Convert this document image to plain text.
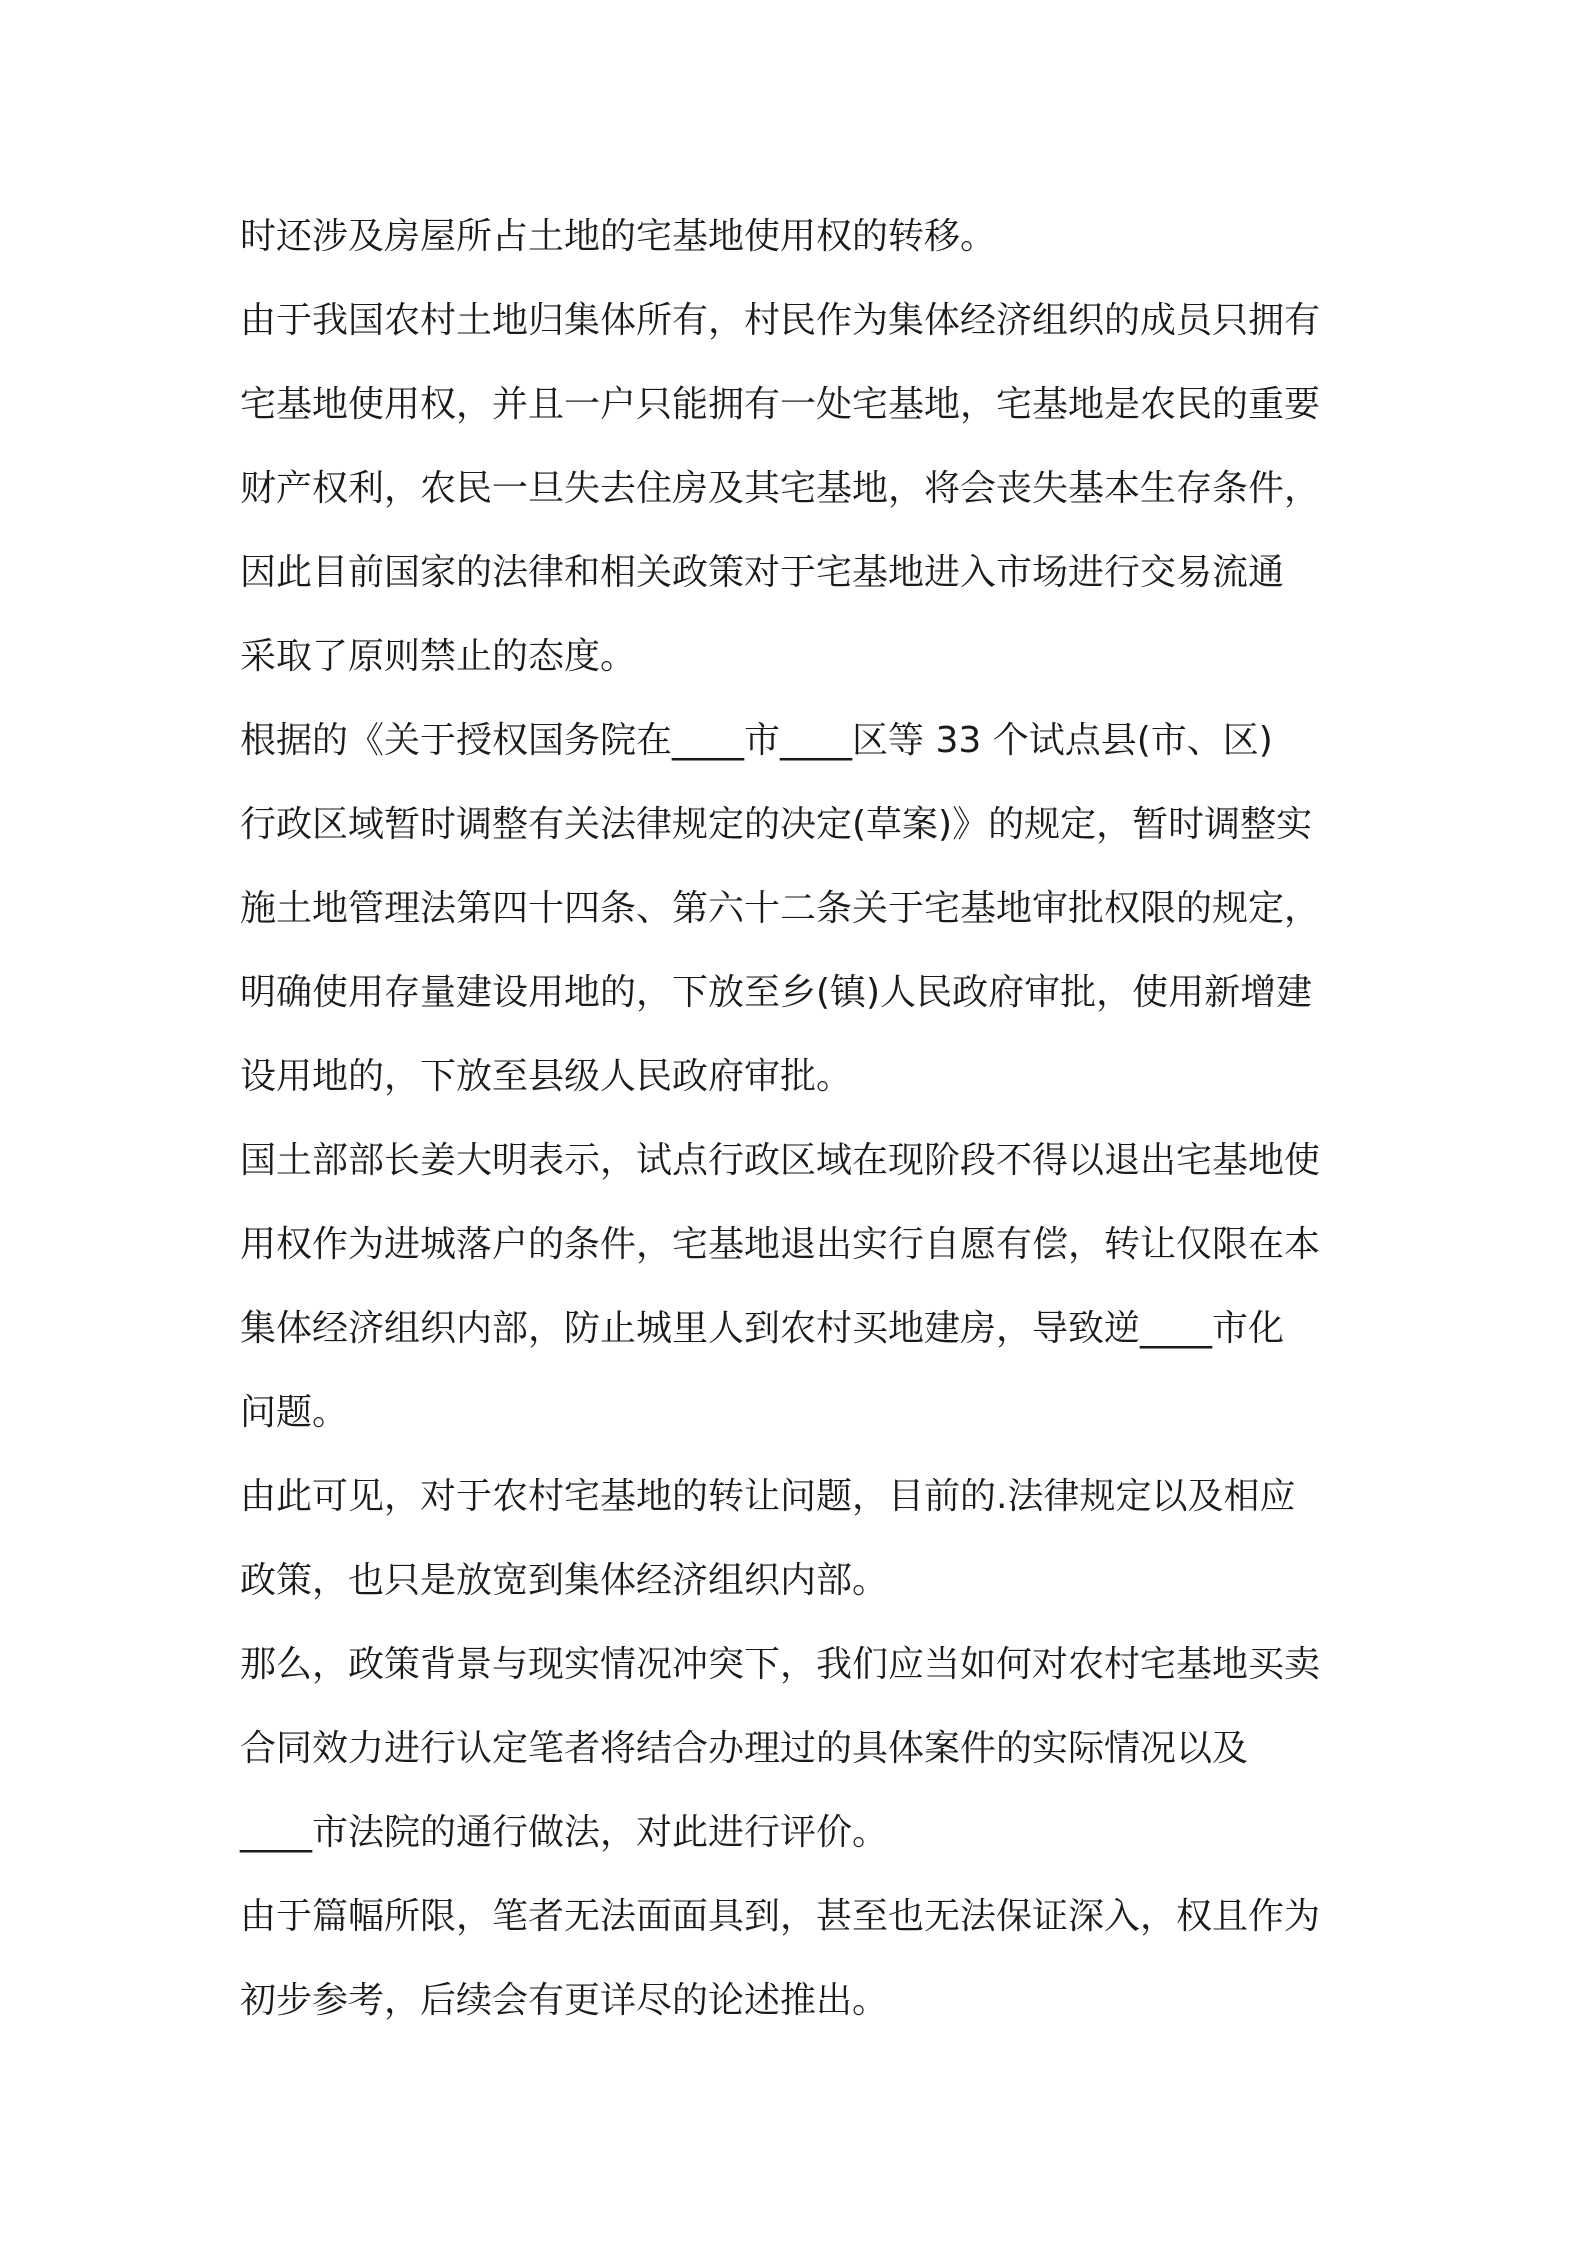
时还涉及房屋所占土地的宅基地使用权的转移。
由于我国农村土地归集体所有，村民作为集体经济组织的成员只拥有
宅基地使用权，并且一户只能拥有一处宅基地，宅基地是农民的重要
财产权利，农民一旦失去住房及其宅基地，将会丧失基本生存条件，
因此目前国家的法律和相关政策对于宅基地进入市场进行交易流通
采取了原则禁止的态度。
根据的《关于授权国务院在____市____区等 33 个试点县(市、区)
行政区域暂时调整有关法律规定的决定(草案)》的规定，暂时调整实
施土地管理法第四十四条、第六十二条关于宅基地审批权限的规定，
明确使用存量建设用地的，下放至乡(镇)人民政府审批，使用新增建
设用地的，下放至县级人民政府审批。
国土部部长姜大明表示，试点行政区域在现阶段不得以退出宅基地使
用权作为进城落户的条件，宅基地退出实行自愿有偿，转让仅限在本
集体经济组织内部，防止城里人到农村买地建房，导致逆____市化
问题。
由此可见，对于农村宅基地的转让问题，目前的.法律规定以及相应
政策，也只是放宽到集体经济组织内部。
那么，政策背景与现实情况冲突下，我们应当如何对农村宅基地买卖
合同效力进行认定笔者将结合办理过的具体案件的实际情况以及
____市法院的通行做法，对此进行评价。
由于篇幅所限，笔者无法面面具到，甚至也无法保证深入，权且作为
初步参考，后续会有更详尽的论述推出。
